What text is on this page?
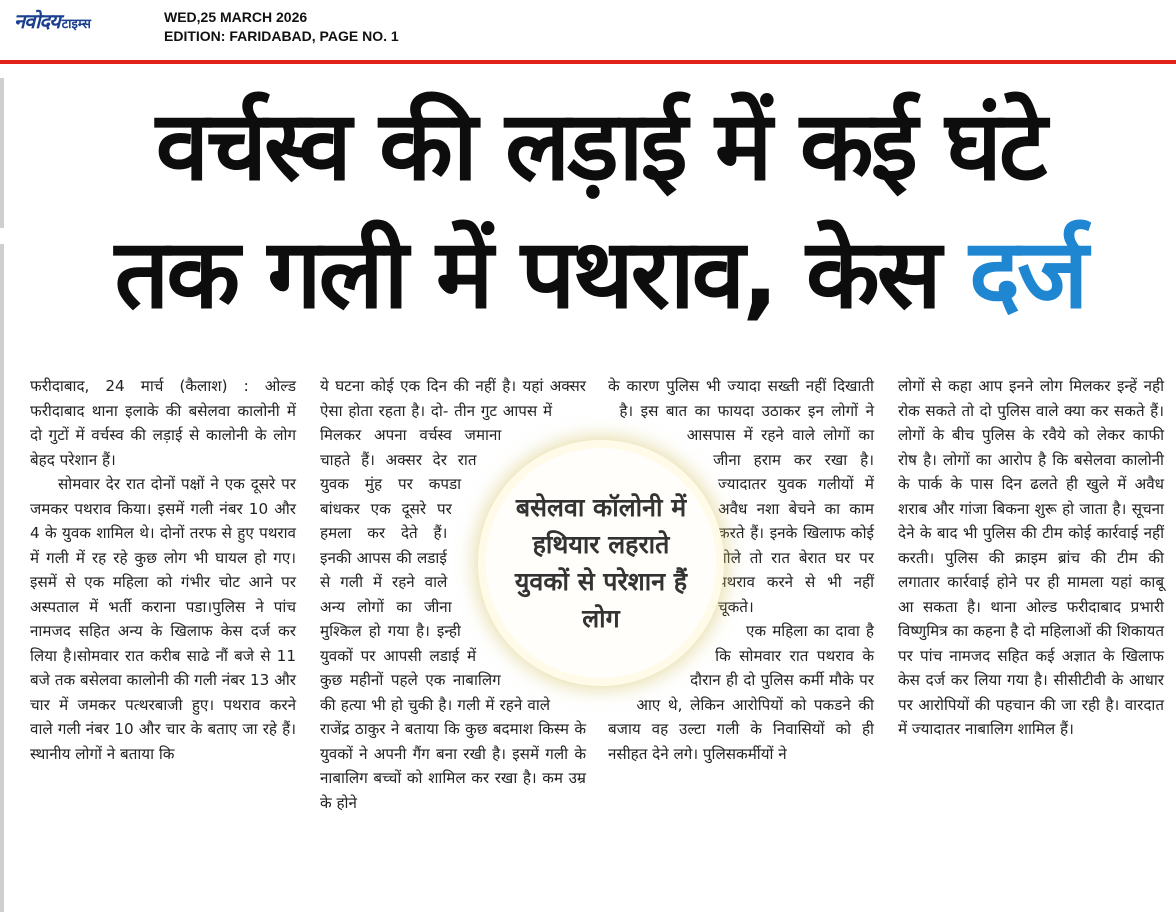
नवोदय टाइम्स	WED,25 MARCH 2026
EDITION: FARIDABAD, PAGE NO. 1
वर्चस्व की लड़ाई में कई घंटे
तक गली में पथराव, केस दर्ज

फरीदाबाद, 24 मार्च (कैलाश) : ओल्ड फरीदाबाद थाना इलाके की बसेलवा कालोनी में दो गुटों में वर्चस्व की लड़ाई से कालोनी के लोग बेहद परेशान हैं।

सोमवार देर रात दोनों पक्षों ने एक दूसरे पर जमकर पथराव किया। इसमें गली नंबर 10 और 4 के युवक शामिल थे। दोनों तरफ से हुए पथराव में गली में रह रहे कुछ लोग भी घायल हो गए। इसमें से एक महिला को गंभीर चोट आने पर अस्पताल में भर्ती कराना पडा।पुलिस ने पांच नामजद सहित अन्य के खिलाफ केस दर्ज कर लिया है।सोमवार रात करीब साढे नौं बजे से 11 बजे तक बसेलवा कालोनी की गली नंबर 13 और चार में जमकर पत्थरबाजी हुए। पथराव करने वाले गली नंबर 10 और चार के बताए जा रहे हैं। स्थानीय लोगों ने बताया कि

ये घटना कोई एक दिन की नहीं है। यहां अक्सर ऐसा होता रहता है। दो- तीन गुट आपस में मिलकर अपना वर्चस्व जमाना चाहते हैं। अक्सर देर रात युवक मुंह पर कपडा बांधकर एक दूसरे पर हमला कर देते हैं। इनकी आपस की लडाई से गली में रहने वाले अन्य लोगों का जीना मुश्किल हो गया है। इन्ही युवकों पर आपसी लडाई में कुछ महीनों पहले एक नाबालिग की हत्या भी हो चुकी है। गली में रहने वाले राजेंद्र ठाकुर ने बताया कि कुछ बदमाश किस्म के युवकों ने अपनी गैंग बना रखी है। इसमें गली के नाबालिग बच्चों को शामिल कर रखा है। कम उम्र के होने

के कारण पुलिस भी ज्यादा सख्ती नहीं दिखाती है। इस बात का फायदा उठाकर इन लोगों ने आसपास में रहने वाले लोगों का जीना हराम कर रखा है। ज्यादातर युवक गलीयों में अवैध नशा बेचने का काम करते हैं। इनके खिलाफ कोई बोले तो रात बेरात घर पर पथराव करने से भी नहीं चूकते।

एक महिला का दावा है कि सोमवार रात पथराव के दौरान ही दो पुलिस कर्मी मौके पर आए थे, लेकिन आरोपियों को पकडने की बजाय वह उल्टा गली के निवासियों को ही नसीहत देने लगे। पुलिसकर्मीयों ने

लोगों से कहा आप इनने लोग मिलकर इन्हें नही रोक सकते तो दो पुलिस वाले क्या कर सकते हैं। लोगों के बीच पुलिस के रवैये को लेकर काफी रोष है। लोगों का आरोप है कि बसेलवा कालोनी के पार्क के पास दिन ढलते ही खुले में अवैध शराब और गांजा बिकना शुरू हो जाता है। सूचना देने के बाद भी पुलिस की टीम कोई कार्रवाई नहीं करती। पुलिस की क्राइम ब्रांच की टीम की लगातार कार्रवाई होने पर ही मामला यहां काबू आ सकता है। थाना ओल्ड फरीदाबाद प्रभारी विष्णुमित्र का कहना है दो महिलाओं की शिकायत पर पांच नामजद सहित कई अज्ञात के खिलाफ केस दर्ज कर लिया गया है। सीसीटीवी के आधार पर आरोपियों की पहचान की जा रही है। वारदात में ज्यादातर नाबालिग शामिल हैं।

बसेलवा कॉलोनी में हथियार लहराते युवकों से परेशान हैं लोग
